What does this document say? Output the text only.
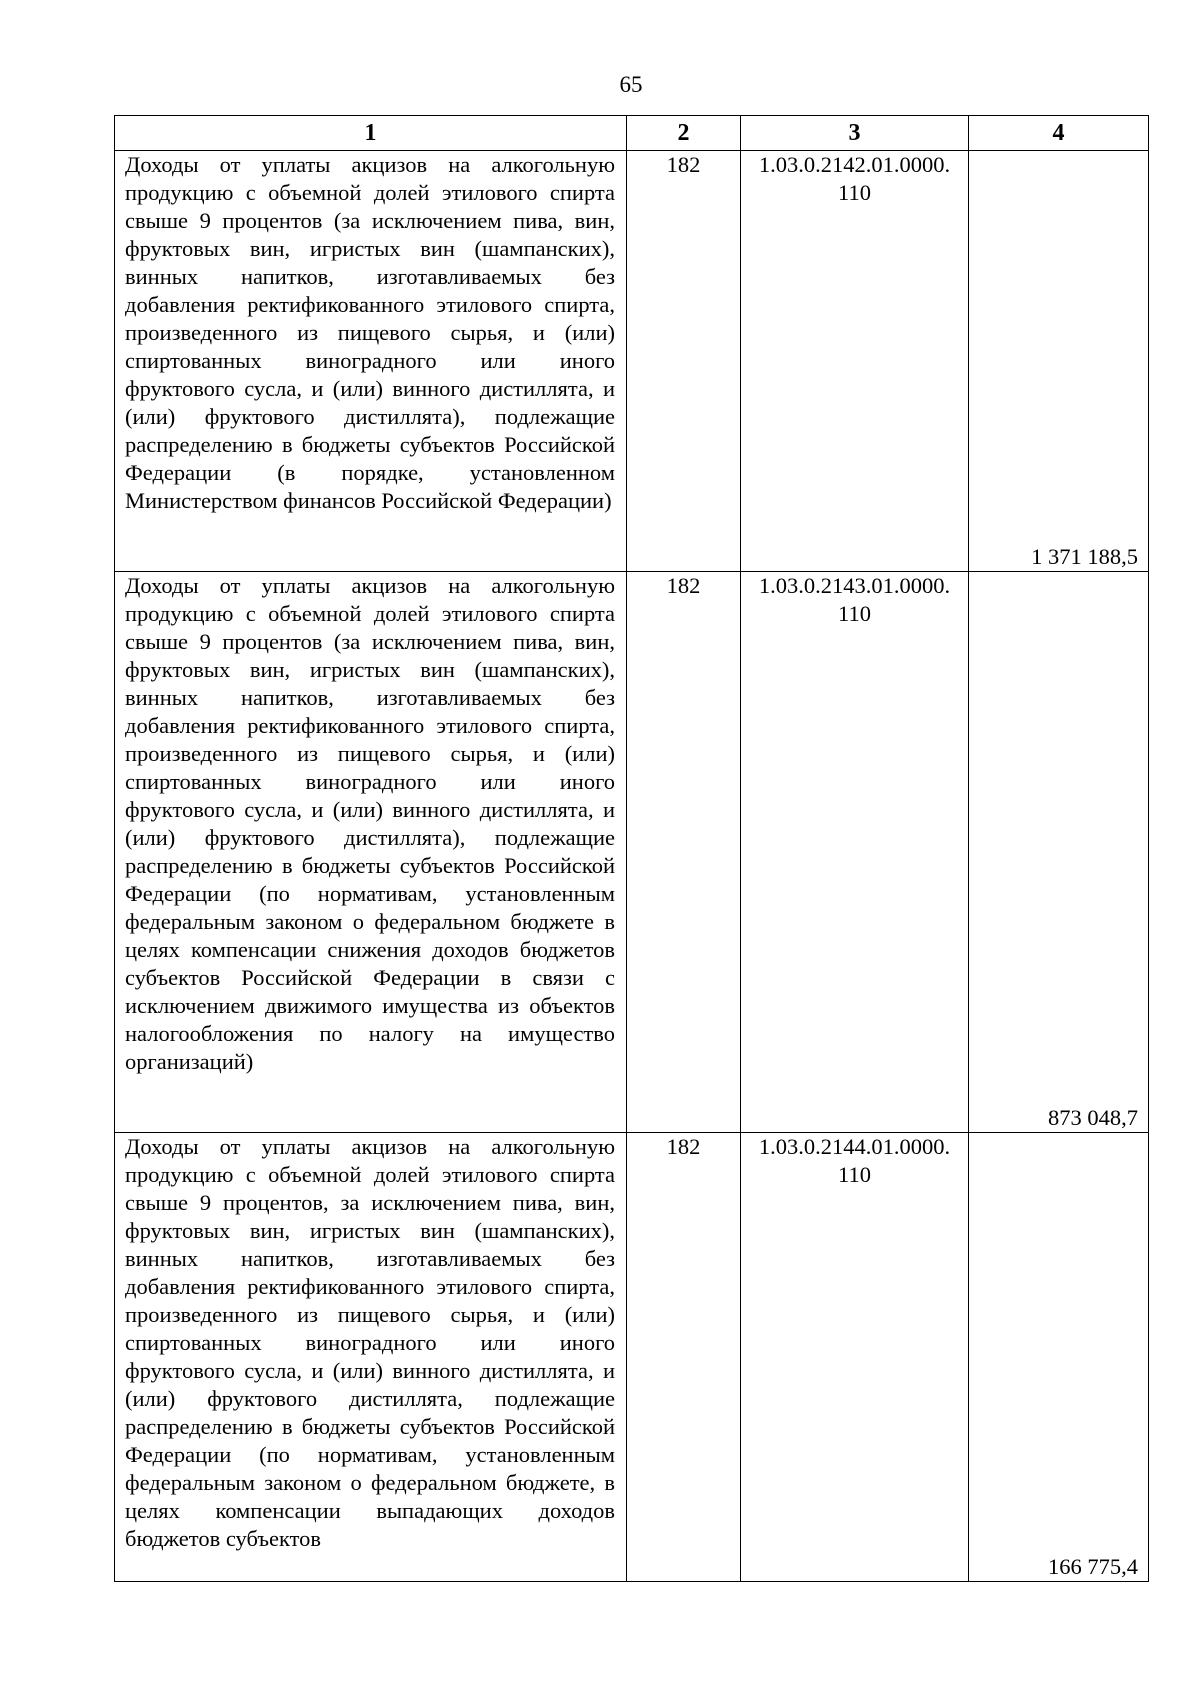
65
1	2	3	4

Доходы от уплаты акцизов на алкогольную продукцию с объемной долей этилового спирта свыше 9 процентов (за исключением пива, вин, фруктовых вин, игристых вин (шампанских), винных напитков, изготавливаемых без добавления ректификованного этилового спирта, произведенного из пищевого сырья, и (или) спиртованных виноградного или иного фруктового сусла, и (или) винного дистиллята, и (или) фруктового дистиллята), подлежащие распределению в бюджеты субъектов Российской Федерации (в порядке, установленном Министерством финансов Российской Федерации)	182	1.03.0.2142.01.0000.
110	1 371 188,5

Доходы от уплаты акцизов на алкогольную продукцию с объемной долей этилового спирта свыше 9 процентов (за исключением пива, вин, фруктовых вин, игристых вин (шампанских), винных напитков, изготавливаемых без добавления ректификованного этилового спирта, произведенного из пищевого сырья, и (или) спиртованных виноградного или иного фруктового сусла, и (или) винного дистиллята, и (или) фруктового дистиллята), подлежащие распределению в бюджеты субъектов Российской Федерации (по нормативам, установленным федеральным законом о федеральном бюджете в целях компенсации снижения доходов бюджетов субъектов Российской Федерации в связи с исключением движимого имущества из объектов налогообложения по налогу на имущество организаций)	182	1.03.0.2143.01.0000.
110	873 048,7

Доходы от уплаты акцизов на алкогольную продукцию с объемной долей этилового спирта свыше 9 процентов, за исключением пива, вин, фруктовых вин, игристых вин (шампанских), винных напитков, изготавливаемых без добавления ректификованного этилового спирта, произведенного из пищевого сырья, и (или) спиртованных виноградного или иного фруктового сусла, и (или) винного дистиллята, и (или) фруктового дистиллята, подлежащие распределению в бюджеты субъектов Российской Федерации (по нормативам, установленным федеральным законом о федеральном бюджете, в целях компенсации выпадающих доходов бюджетов субъектов	182	1.03.0.2144.01.0000.
110	166 775,4
